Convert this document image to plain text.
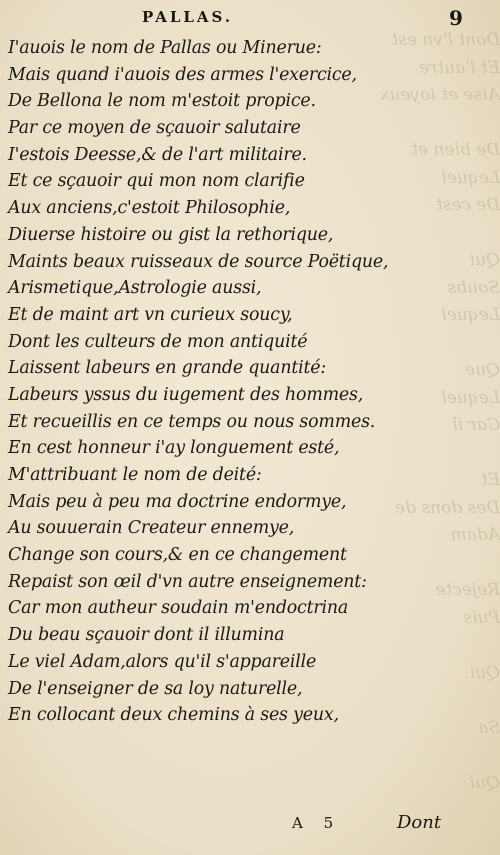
Dont l'vn est
Et l'autre
Aise et ioyeux
De bien et
Lequel
De cest
Qui
Soubs
Lequel
Que
Lequel
Car il
Et
Des dons de
Adam
Rejecte
Puis
Qui
Sa
Qui
PALLAS.	9
I'auois le nom de Pallas ou Minerue:
Mais quand i'auois des armes l'exercice,
De Bellona le nom m'estoit propice.
Par ce moyen de sçauoir salutaire
I'estois Deesse,& de l'art militaire.
Et ce sçauoir qui mon nom clarifie
Aux anciens,c'estoit Philosophie,
Diuerse histoire ou gist la rethorique,
Maints beaux ruisseaux de source Poëtique,
Arismetique,Astrologie aussi,
Et de maint art vn curieux soucy,
Dont les culteurs de mon antiquité
Laissent labeurs en grande quantité:
Labeurs yssus du iugement des hommes,
Et recueillis en ce temps ou nous sommes.
En cest honneur i'ay longuement esté,
M'attribuant le nom de deité:
Mais peu à peu ma doctrine endormye,
Au souuerain Createur ennemye,
Change son cours,& en ce changement
Repaist son œil d'vn autre enseignement:
Car mon autheur soudain m'endoctrina
Du beau sçauoir dont il illumina
Le viel Adam,alors qu'il s'appareille
De l'enseigner de sa loy naturelle,
En collocant deux chemins à ses yeux,
A 5	Dont
